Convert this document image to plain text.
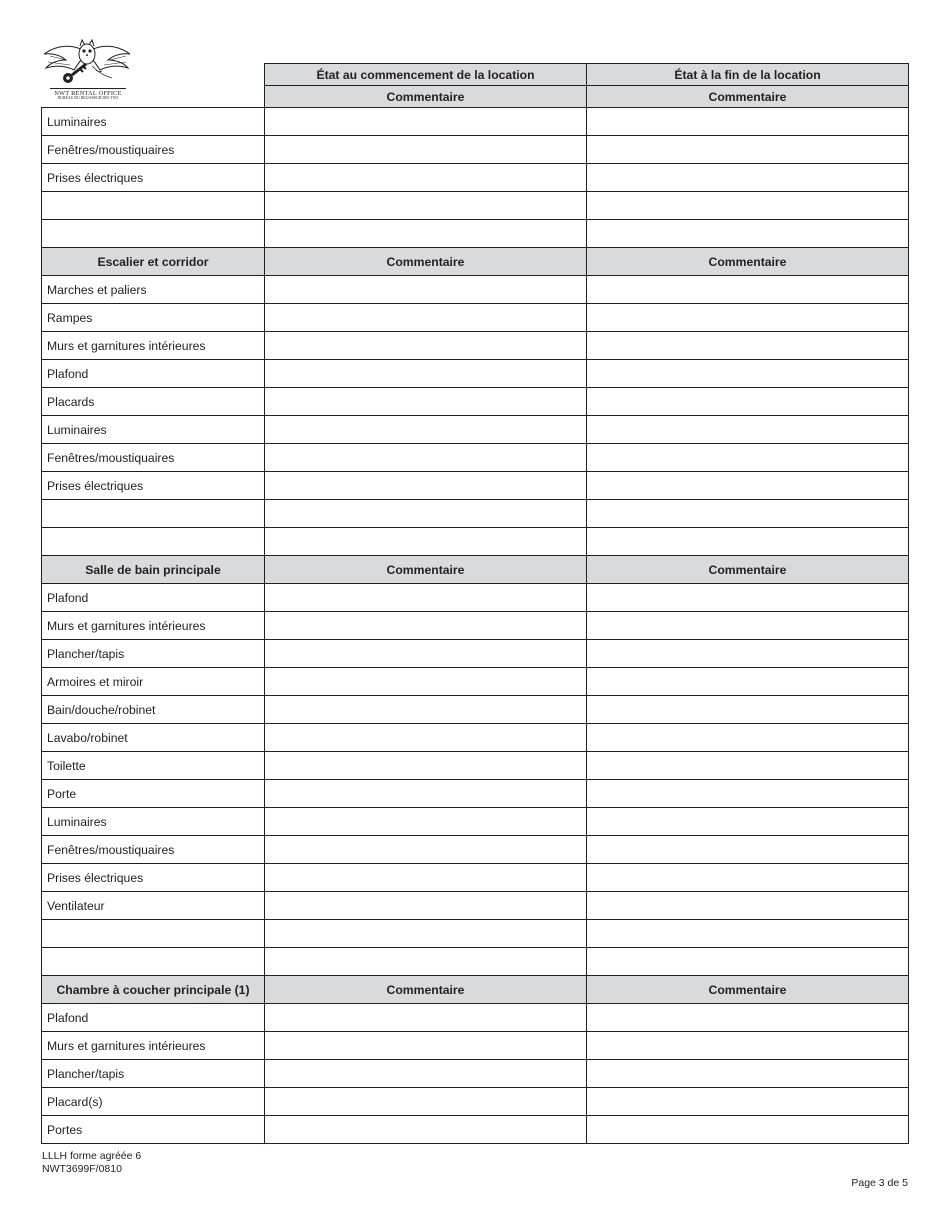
NWT RENTAL OFFICE
BUREAU DU REGISSEUR DES TNO
	État au commencement de la location	État à la fin de la location
	Commentaire	Commentaire
Luminaires		
Fenêtres/moustiquaires		
Prises électriques		

Escalier et corridor	Commentaire	Commentaire
Marches et paliers		
Rampes		
Murs et garnitures intérieures		
Plafond		
Placards		
Luminaires		
Fenêtres/moustiquaires		
Prises électriques		

Salle de bain principale	Commentaire	Commentaire
Plafond		
Murs et garnitures intérieures		
Plancher/tapis		
Armoires et miroir		
Bain/douche/robinet		
Lavabo/robinet		
Toilette		
Porte		
Luminaires		
Fenêtres/moustiquaires		
Prises électriques		
Ventilateur		

Chambre à coucher principale (1)	Commentaire	Commentaire
Plafond		
Murs et garnitures intérieures		
Plancher/tapis		
Placard(s)		
Portes		
LLLH forme agréée 6
NWT3699F/0810
Page 3 de 5
